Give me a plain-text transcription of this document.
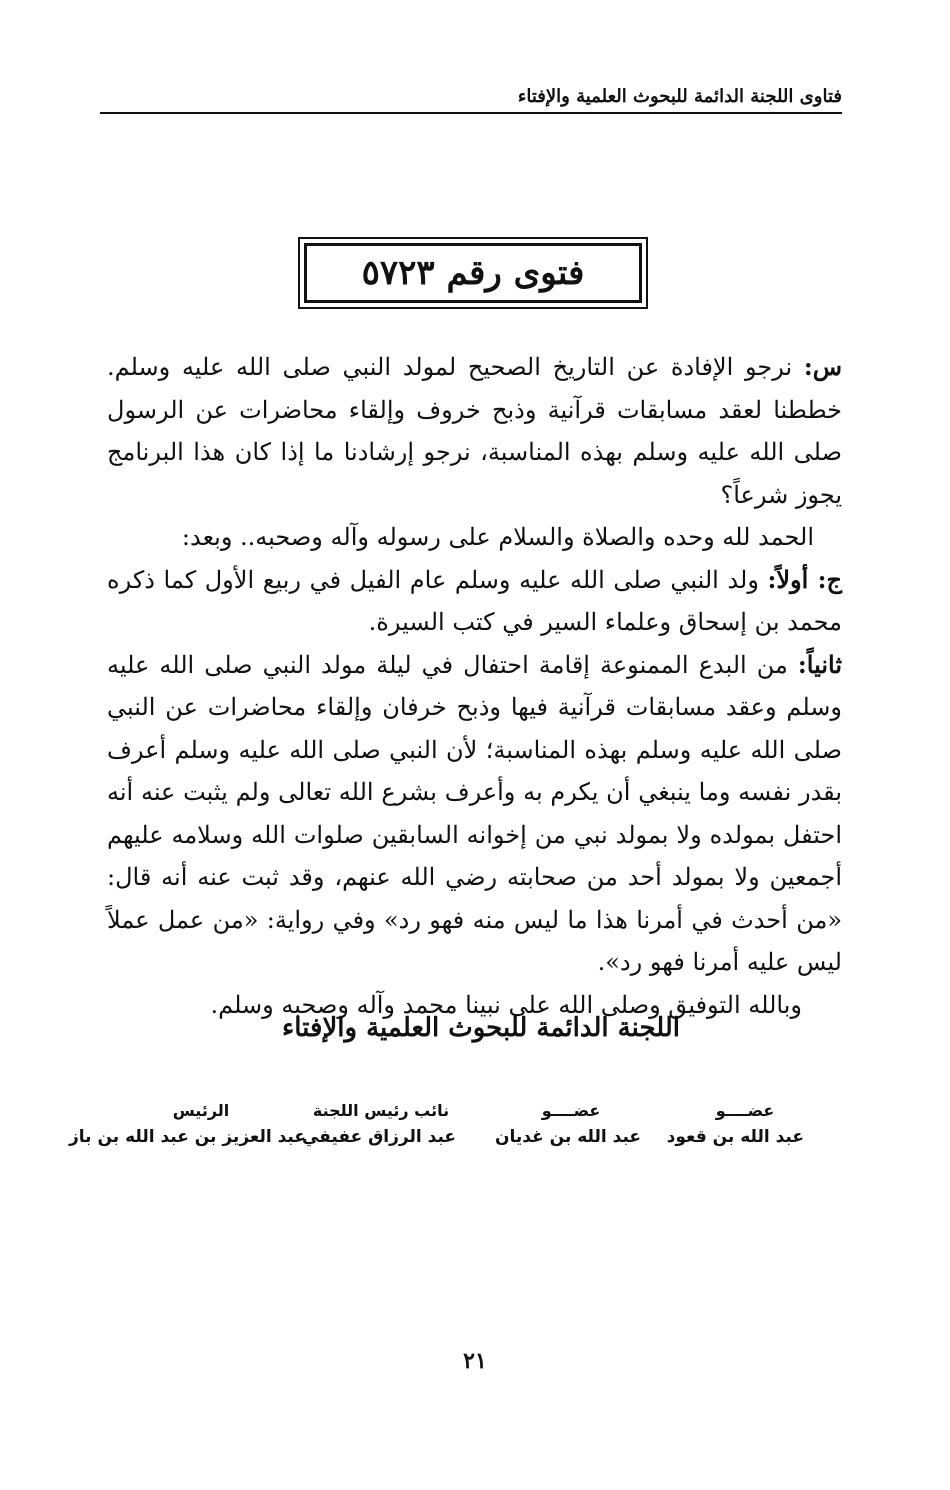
فتاوى اللجنة الدائمة للبحوث العلمية والإفتاء
فتوى رقم ٥٧٢٣

س: نرجو الإفادة عن التاريخ الصحيح لمولد النبي صلى الله عليه وسلم. خططنا لعقد مسابقات قرآنية وذبح خروف وإلقاء محاضرات عن الرسول صلى الله عليه وسلم بهذه المناسبة، نرجو إرشادنا ما إذا كان هذا البرنامج يجوز شرعاً؟

الحمد لله وحده والصلاة والسلام على رسوله وآله وصحبه.. وبعد:

ج: أولاً: ولد النبي صلى الله عليه وسلم عام الفيل في ربيع الأول كما ذكره محمد بن إسحاق وعلماء السير في كتب السيرة.

ثانياً: من البدع الممنوعة إقامة احتفال في ليلة مولد النبي صلى الله عليه وسلم وعقد مسابقات قرآنية فيها وذبح خرفان وإلقاء محاضرات عن النبي صلى الله عليه وسلم بهذه المناسبة؛ لأن النبي صلى الله عليه وسلم أعرف بقدر نفسه وما ينبغي أن يكرم به وأعرف بشرع الله تعالى ولم يثبت عنه أنه احتفل بمولده ولا بمولد نبي من إخوانه السابقين صلوات الله وسلامه عليهم أجمعين ولا بمولد أحد من صحابته رضي الله عنهم، وقد ثبت عنه أنه قال: «من أحدث في أمرنا هذا ما ليس منه فهو رد» وفي رواية: «من عمل عملاً ليس عليه أمرنا فهو رد».

وبالله التوفيق وصلى الله على نبينا محمد وآله وصحبه وسلم.

اللجنة الدائمة للبحوث العلمية والإفتاء
الرئيس
عبد العزيز بن عبد الله بن باز
نائب رئيس اللجنة
عبد الرزاق عفيفي
عضــــو
عبد الله بن غديان
عضــــو
عبد الله بن قعود
٢١
